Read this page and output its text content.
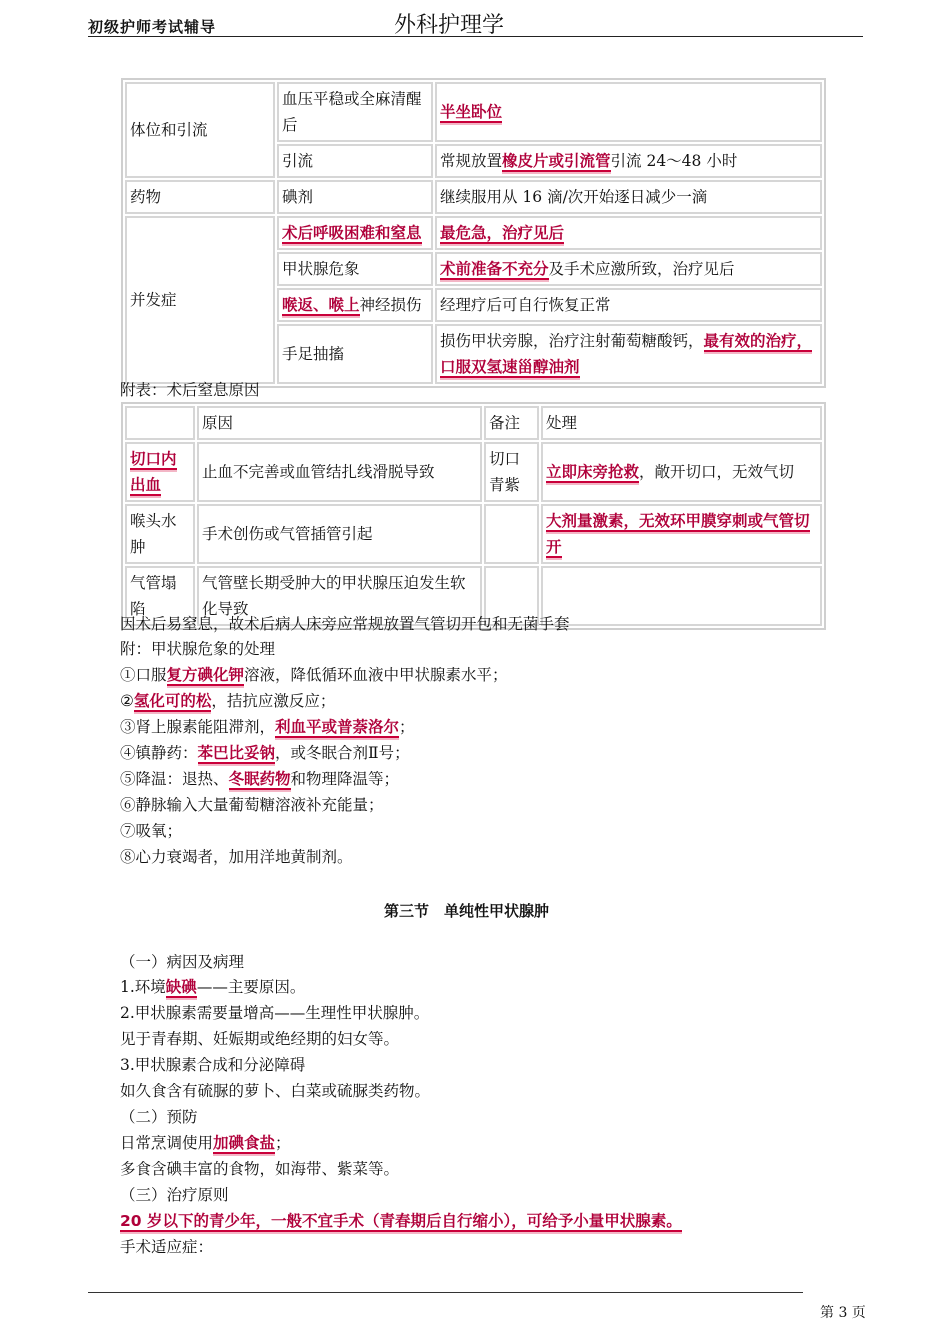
初级护师考试辅导	外科护理学
体位和引流	血压平稳或全麻清醒后	半坐卧位
	引流	常规放置橡皮片或引流管引流 24～48 小时
药物	碘剂	继续服用从 16 滴/次开始逐日减少一滴
并发症	术后呼吸困难和窒息	最危急，治疗见后
	甲状腺危象	术前准备不充分及手术应激所致，治疗见后
	喉返、喉上神经损伤	经理疗后可自行恢复正常
	手足抽搐	损伤甲状旁腺，治疗注射葡萄糖酸钙，最有效的治疗，口服双氢速甾醇油剂
附表：术后窒息原因
	原因	备注	处理
切口内出血	止血不完善或血管结扎线滑脱导致	切口青紫	立即床旁抢救，敞开切口，无效气切
喉头水肿	手术创伤或气管插管引起		大剂量激素，无效环甲膜穿刺或气管切开
气管塌陷	气管壁长期受肿大的甲状腺压迫发生软化导致		
因术后易窒息，故术后病人床旁应常规放置气管切开包和无菌手套
附：甲状腺危象的处理
①口服复方碘化钾溶液，降低循环血液中甲状腺素水平；
②氢化可的松，拮抗应激反应；
③肾上腺素能阻滞剂，利血平或普萘洛尔；
④镇静药：苯巴比妥钠，或冬眠合剂Ⅱ号；
⑤降温：退热、冬眠药物和物理降温等；
⑥静脉输入大量葡萄糖溶液补充能量；
⑦吸氧；
⑧心力衰竭者，加用洋地黄制剂。
第三节　单纯性甲状腺肿
（一）病因及病理
1.环境缺碘——主要原因。
2.甲状腺素需要量增高——生理性甲状腺肿。
见于青春期、妊娠期或绝经期的妇女等。
3.甲状腺素合成和分泌障碍
如久食含有硫脲的萝卜、白菜或硫脲类药物。
（二）预防
日常烹调使用加碘食盐；
多食含碘丰富的食物，如海带、紫菜等。
（三）治疗原则
20 岁以下的青少年，一般不宜手术（青春期后自行缩小），可给予小量甲状腺素。
手术适应症：
第 3 页
